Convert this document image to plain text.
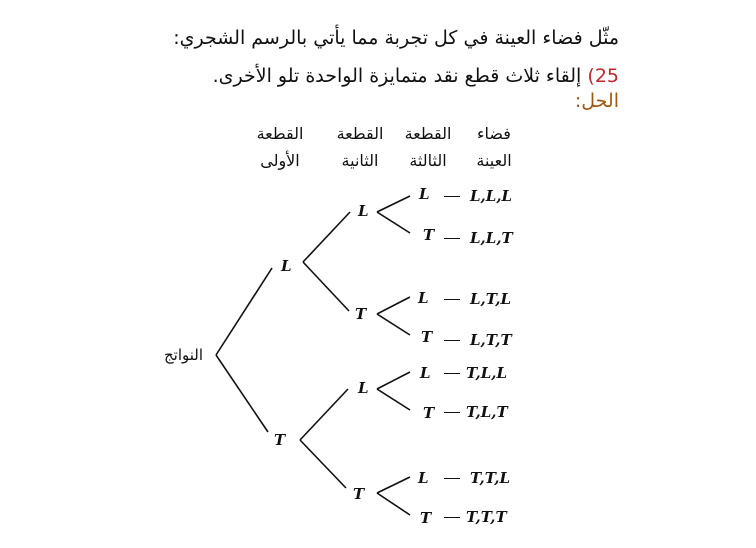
مثّل فضاء العينة في كل تجربة مما يأتي بالرسم الشجري:
25) إلقاء ثلاث قطع نقد متمايزة الواحدة تلو الأخرى.
الحل:
القطعة
الأولى
القطعة
الثانية
القطعة
الثالثة
فضاء
العينة
النواتج
L
T
L
T
L
T
L
T
L
T
L
T
L
T
L,L,L
L,L,T
L,T,L
L,T,T
T,L,L
T,L,T
T,T,L
T,T,T
